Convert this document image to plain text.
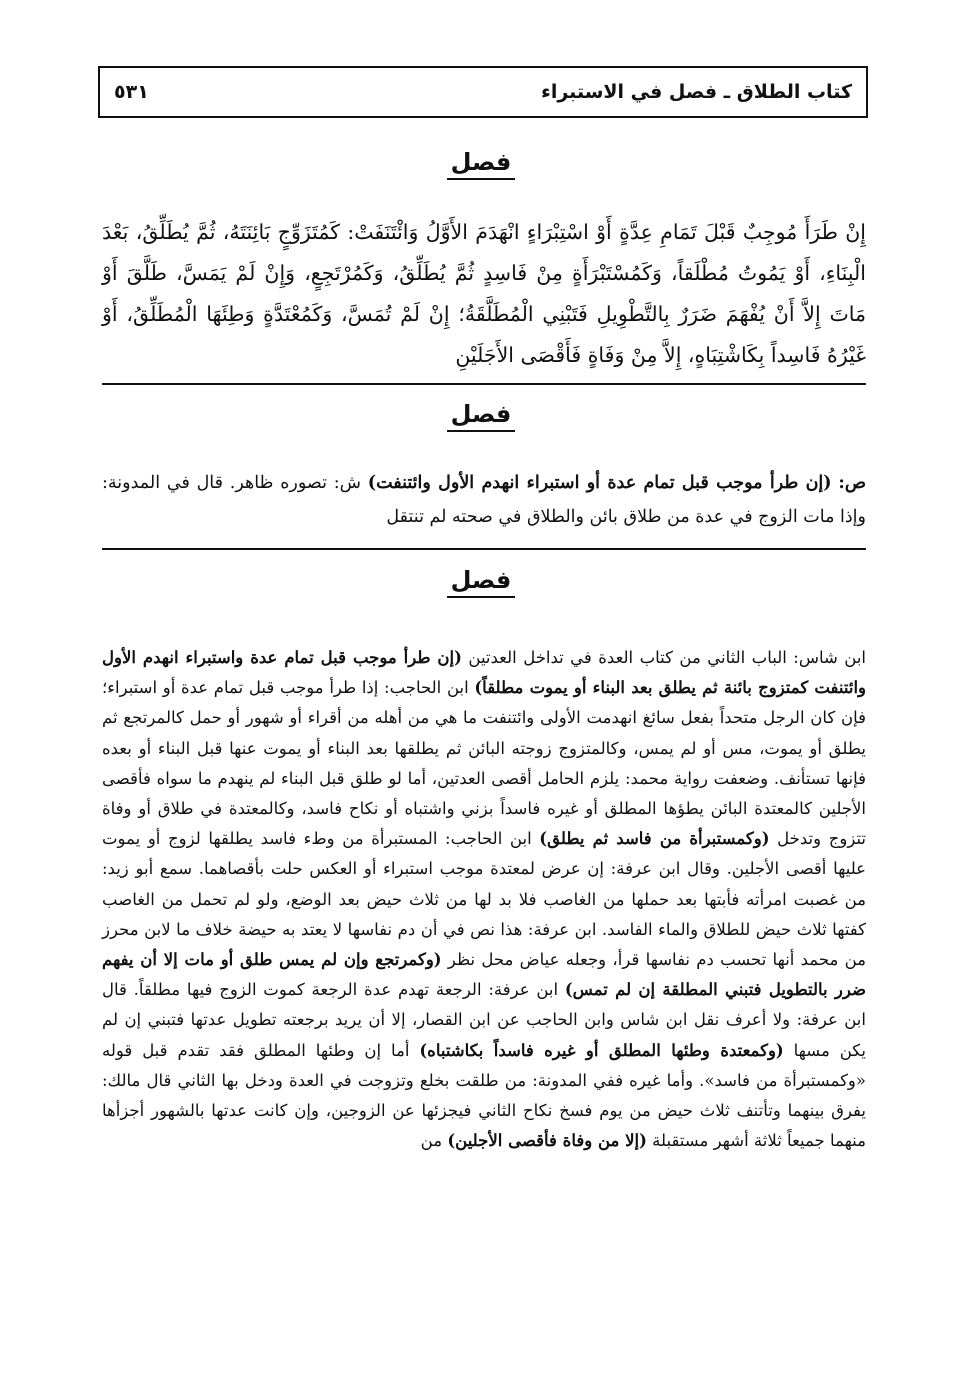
كتاب الطلاق ـ فصل في الاستبراء
٥٣١
فصل
إِنْ طَرَأَ مُوجِبٌ قَبْلَ تَمَامِ عِدَّةٍ أَوْ اسْتِبْرَاءٍ انْهَدَمَ الأَوَّلُ وَائْتَنَفَتْ: كَمُتَزَوِّجٍ بَائِنَتَهُ، ثُمَّ يُطَلِّقُ، بَعْدَ الْبِنَاءِ، أَوْ يَمُوتُ مُطْلَقاً، وَكَمُسْتَبْرَأَةٍ مِنْ فَاسِدٍ ثُمَّ يُطَلِّقُ، وَكَمُرْتَجِعٍ، وَإِنْ لَمْ يَمَسَّ، طَلَّقَ أَوْ مَاتَ إِلاَّ أَنْ يُفْهَمَ ضَرَرٌ بِالتَّطْوِيلِ فَتَبْنِي الْمُطَلَّقَةُ؛ إِنْ لَمْ تُمَسَّ، وَكَمُعْتَدَّةٍ وَطِئَهَا الْمُطَلِّقُ، أَوْ غَيْرُهُ فَاسِداً بِكَاشْتِبَاهٍ، إِلاَّ مِنْ وَفَاةٍ فَأَقْصَى الأَجَلَيْنِ
فصل
ص: (إن طرأ موجب قبل تمام عدة أو استبراء انهدم الأول وائتنفت) ش: تصوره ظاهر. قال في المدونة: وإذا مات الزوج في عدة من طلاق بائن والطلاق في صحته لم تنتقل
فصل
ابن شاس: الباب الثاني من كتاب العدة في تداخل العدتين (إن طرأ موجب قبل تمام عدة واستبراء انهدم الأول وائتنفت كمتزوج بائنة ثم يطلق بعد البناء أو يموت مطلقاً) ابن الحاجب: إذا طرأ موجب قبل تمام عدة أو استبراء؛ فإن كان الرجل متحداً بفعل سائغ انهدمت الأولى وائتنفت ما هي من أهله من أقراء أو شهور أو حمل كالمرتجع ثم يطلق أو يموت، مس أو لم يمس، وكالمتزوج زوجته البائن ثم يطلقها بعد البناء أو يموت عنها قبل البناء أو بعده فإنها تستأنف. وضعفت رواية محمد: يلزم الحامل أقصى العدتين، أما لو طلق قبل البناء لم ينهدم ما سواه فأقصى الأجلين كالمعتدة البائن يطؤها المطلق أو غيره فاسداً بزني واشتباه أو نكاح فاسد، وكالمعتدة في طلاق أو وفاة تتزوج وتدخل (وكمستبرأة من فاسد ثم يطلق) ابن الحاجب: المستبرأة من وطء فاسد يطلقها لزوج أو يموت عليها أقصى الأجلين. وقال ابن عرفة: إن عرض لمعتدة موجب استبراء أو العكس حلت بأقصاهما. سمع أبو زيد: من غصبت امرأته فأبتها بعد حملها من الغاصب فلا بد لها من ثلاث حيض بعد الوضع، ولو لم تحمل من الغاصب كفتها ثلاث حيض للطلاق والماء الفاسد. ابن عرفة: هذا نص في أن دم نفاسها لا يعتد به حيضة خلاف ما لابن محرز من محمد أنها تحسب دم نفاسها قرأ، وجعله عياض محل نظر (وكمرتجع وإن لم يمس طلق أو مات إلا أن يفهم ضرر بالتطويل فتبني المطلقة إن لم تمس) ابن عرفة: الرجعة تهدم عدة الرجعة كموت الزوج فيها مطلقاً. قال ابن عرفة: ولا أعرف نقل ابن شاس وابن الحاجب عن ابن القصار، إلا أن يريد برجعته تطويل عدتها فتبني إن لم يكن مسها (وكمعتدة وطئها المطلق أو غيره فاسداً بكاشتباه) أما إن وطئها المطلق فقد تقدم قبل قوله «وكمستبرأة من فاسد». وأما غيره ففي المدونة: من طلقت بخلع وتزوجت في العدة ودخل بها الثاني قال مالك: يفرق بينهما وتأتنف ثلاث حيض من يوم فسخ نكاح الثاني فيجزئها عن الزوجين، وإن كانت عدتها بالشهور أجزأها منهما جميعاً ثلاثة أشهر مستقبلة (إلا من وفاة فأقصى الأجلين) من
